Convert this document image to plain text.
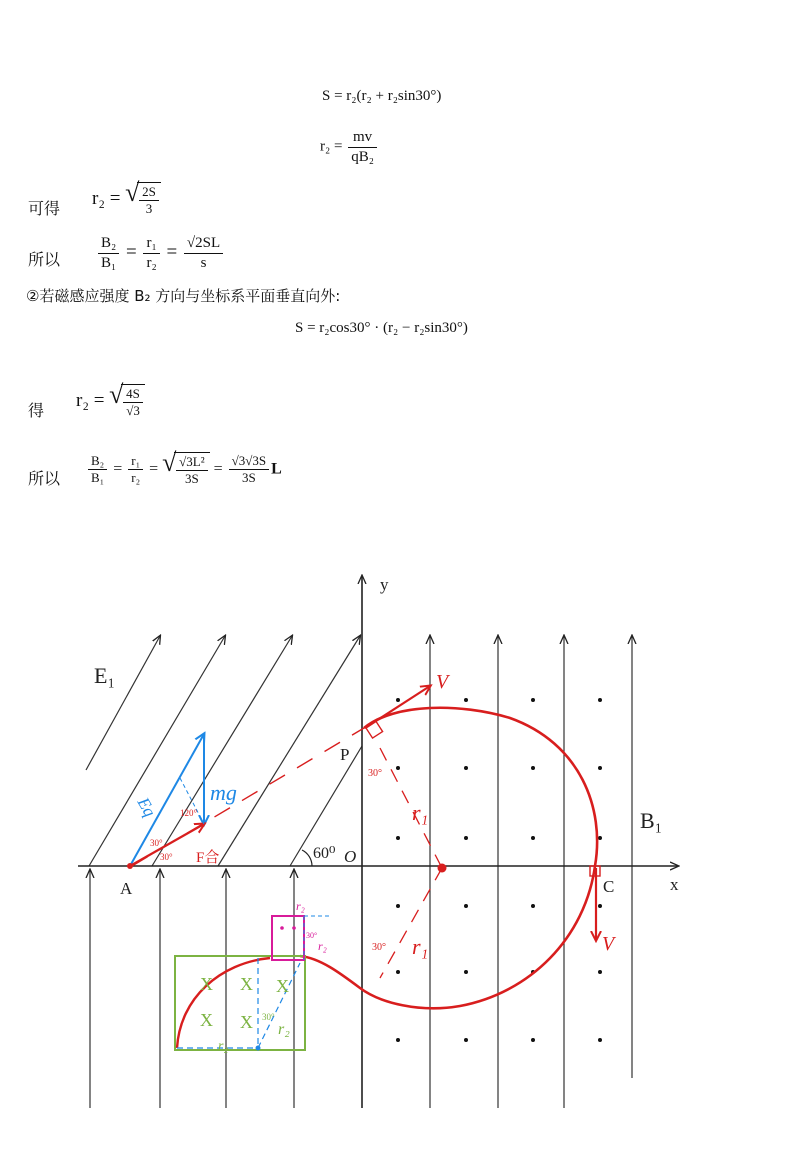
S = r₂(r₂ + r₂sin30°)
$r_2 = \frac{mv}{\text{qB₂}}$
可得 r₂ = √ $\frac{2S}{3}$
所以	$\frac{\text{B₂}}{\text{B₁}} = \frac{\text{r₁}}{\text{r₂}} = \frac{√2SL}{s}$
②若磁感应强度 B₂ 方向与坐标系平面垂直向外:
S = r₂cos30° · (r₂ − r₂sin30°)
得 r₂ = √ $\frac{4S}{√3}$
所以 $\frac{\text{B₂}}{\text{B₁}} = \frac{\text{r₁}}{\text{r₂}}$ = √ $\frac{\text{√3L²}}{3S} = \frac{√3√3S}{3S}$ L
y
x
E₁
B₁
A	C
P
O
60⁰
V
V
r₁
r₁
30°
30°
Eq
mg
F合
30°
30°
120°
X X X
X X 30°
r₂
r₂
r₂
r₂
30°
